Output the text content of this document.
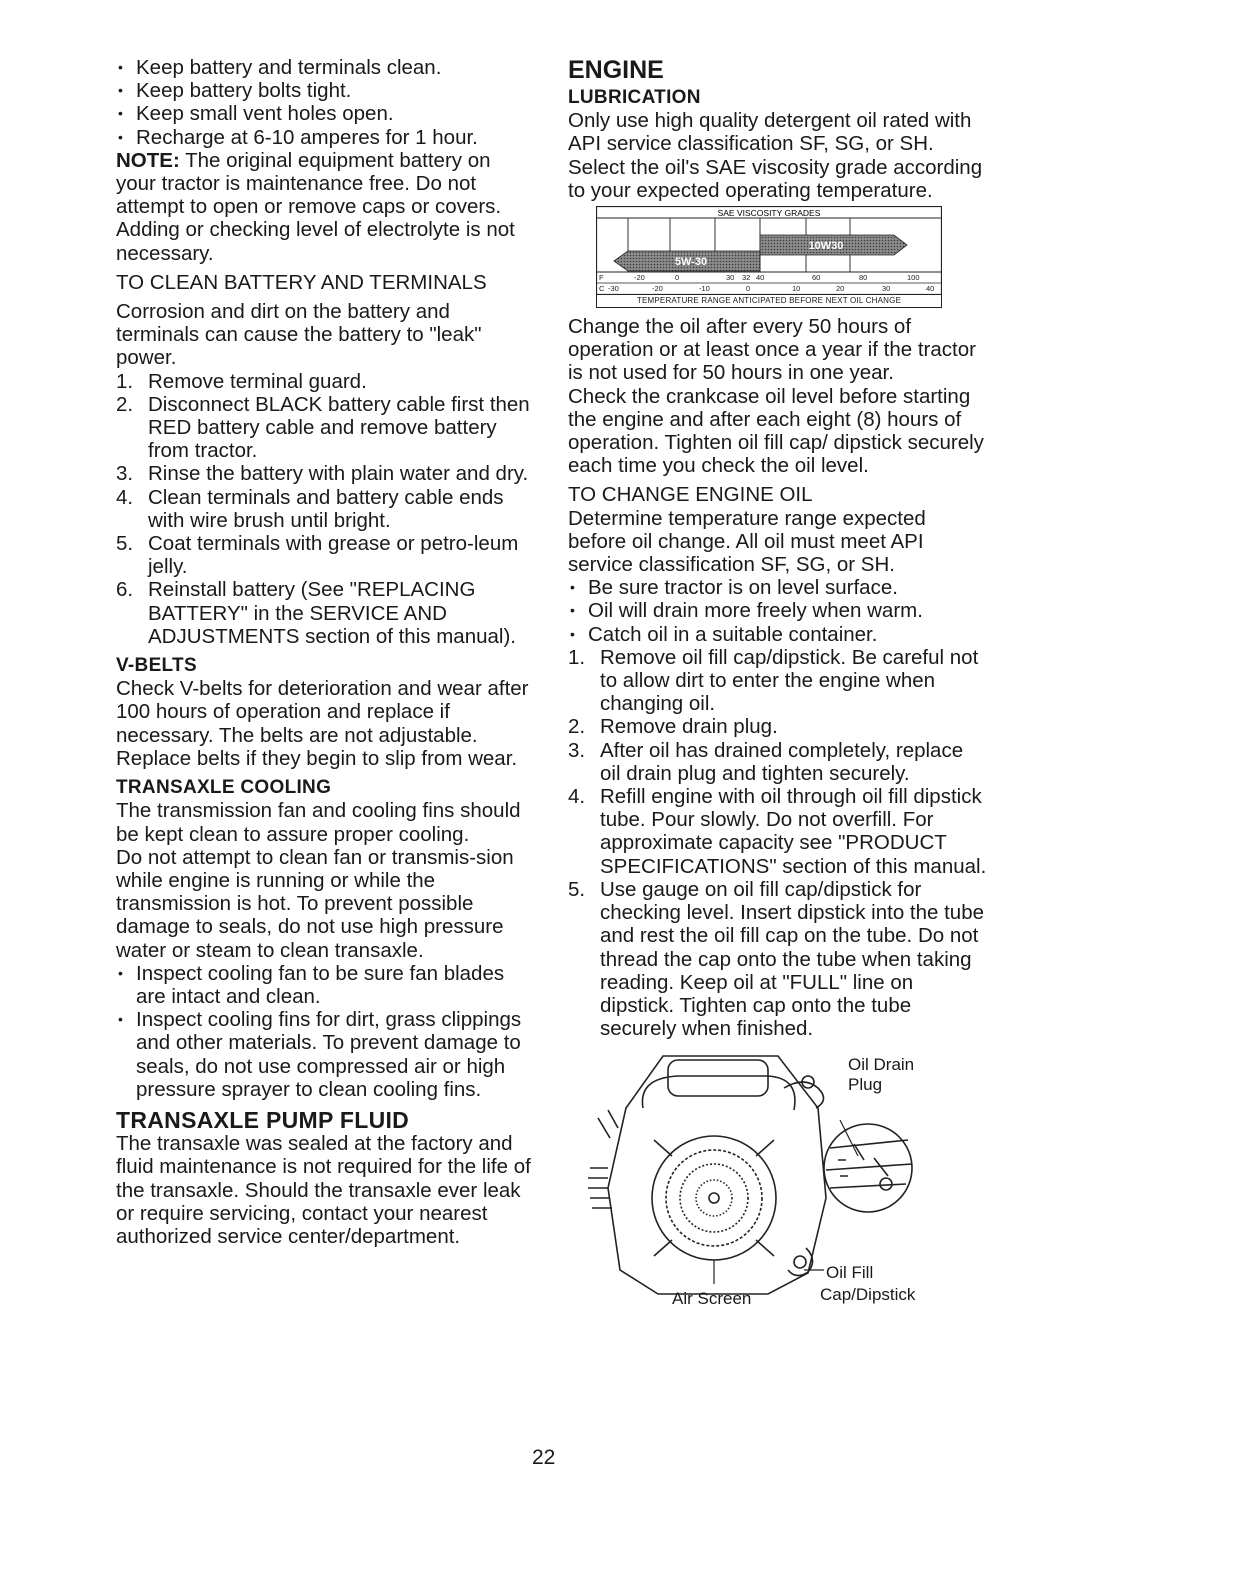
• Keep battery and terminals clean.
• Keep battery bolts tight.
• Keep small vent holes open.
• Recharge at 6-10 amperes for 1 hour.

NOTE: The original equipment battery on your tractor is maintenance free. Do not attempt to open or remove caps or covers. Adding or checking level of electrolyte is not necessary.

TO CLEAN BATTERY AND TERMINALS

Corrosion and dirt on the battery and terminals can cause the battery to "leak" power.

1. Remove terminal guard.
2. Disconnect BLACK battery cable first then RED battery cable and remove battery from tractor.
3. Rinse the battery with plain water and dry.
4. Clean terminals and battery cable ends with wire brush until bright.
5. Coat terminals with grease or petro-leum jelly.
6. Reinstall battery (See "REPLACING BATTERY" in the SERVICE AND ADJUSTMENTS section of this manual).

V-BELTS

Check V-belts for deterioration and wear after 100 hours of operation and replace if necessary. The belts are not adjustable. Replace belts if they begin to slip from wear.

TRANSAXLE COOLING

The transmission fan and cooling fins should be kept clean to assure proper cooling.

Do not attempt to clean fan or transmis-sion while engine is running or while the transmission is hot. To prevent possible damage to seals, do not use high pressure water or steam to clean transaxle.

• Inspect cooling fan to be sure fan blades are intact and clean.
• Inspect cooling fins for dirt, grass clippings and other materials. To prevent damage to seals, do not use compressed air or high pressure sprayer to clean cooling fins.

TRANSAXLE PUMP FLUID

The transaxle was sealed at the factory and fluid maintenance is not required for the life of the transaxle. Should the transaxle ever leak or require servicing, contact your nearest authorized service center/department.

ENGINE

LUBRICATION

Only use high quality detergent oil rated with API service classification SF, SG, or SH. Select the oil's SAE viscosity grade according to your expected operating temperature.

SAE VISCOSITY GRADES
10W30
5W-30
F	-20	0	30 32 40	60	80	100
C -30	-20	-10	0	10	20	30	40
TEMPERATURE RANGE ANTICIPATED BEFORE NEXT OIL CHANGE

Change the oil after every 50 hours of operation or at least once a year if the tractor is not used for 50 hours in one year.

Check the crankcase oil level before starting the engine and after each eight (8) hours of operation. Tighten oil fill cap/ dipstick securely each time you check the oil level.

TO CHANGE ENGINE OIL

Determine temperature range expected before oil change. All oil must meet API service classification SF, SG, or SH.

• Be sure tractor is on level surface.
• Oil will drain more freely when warm.
• Catch oil in a suitable container.
1. Remove oil fill cap/dipstick. Be careful not to allow dirt to enter the engine when changing oil.
2. Remove drain plug.
3. After oil has drained completely, replace oil drain plug and tighten securely.
4. Refill engine with oil through oil fill dipstick tube. Pour slowly. Do not overfill. For approximate capacity see "PRODUCT SPECIFICATIONS" section of this manual.
5. Use gauge on oil fill cap/dipstick for checking level. Insert dipstick into the tube and rest the oil fill cap on the tube. Do not thread the cap onto the tube when taking reading. Keep oil at "FULL" line on dipstick. Tighten cap onto the tube securely when finished.
Oil Drain
Plug
Oil Fill
Cap/Dipstick
Air Screen
22
